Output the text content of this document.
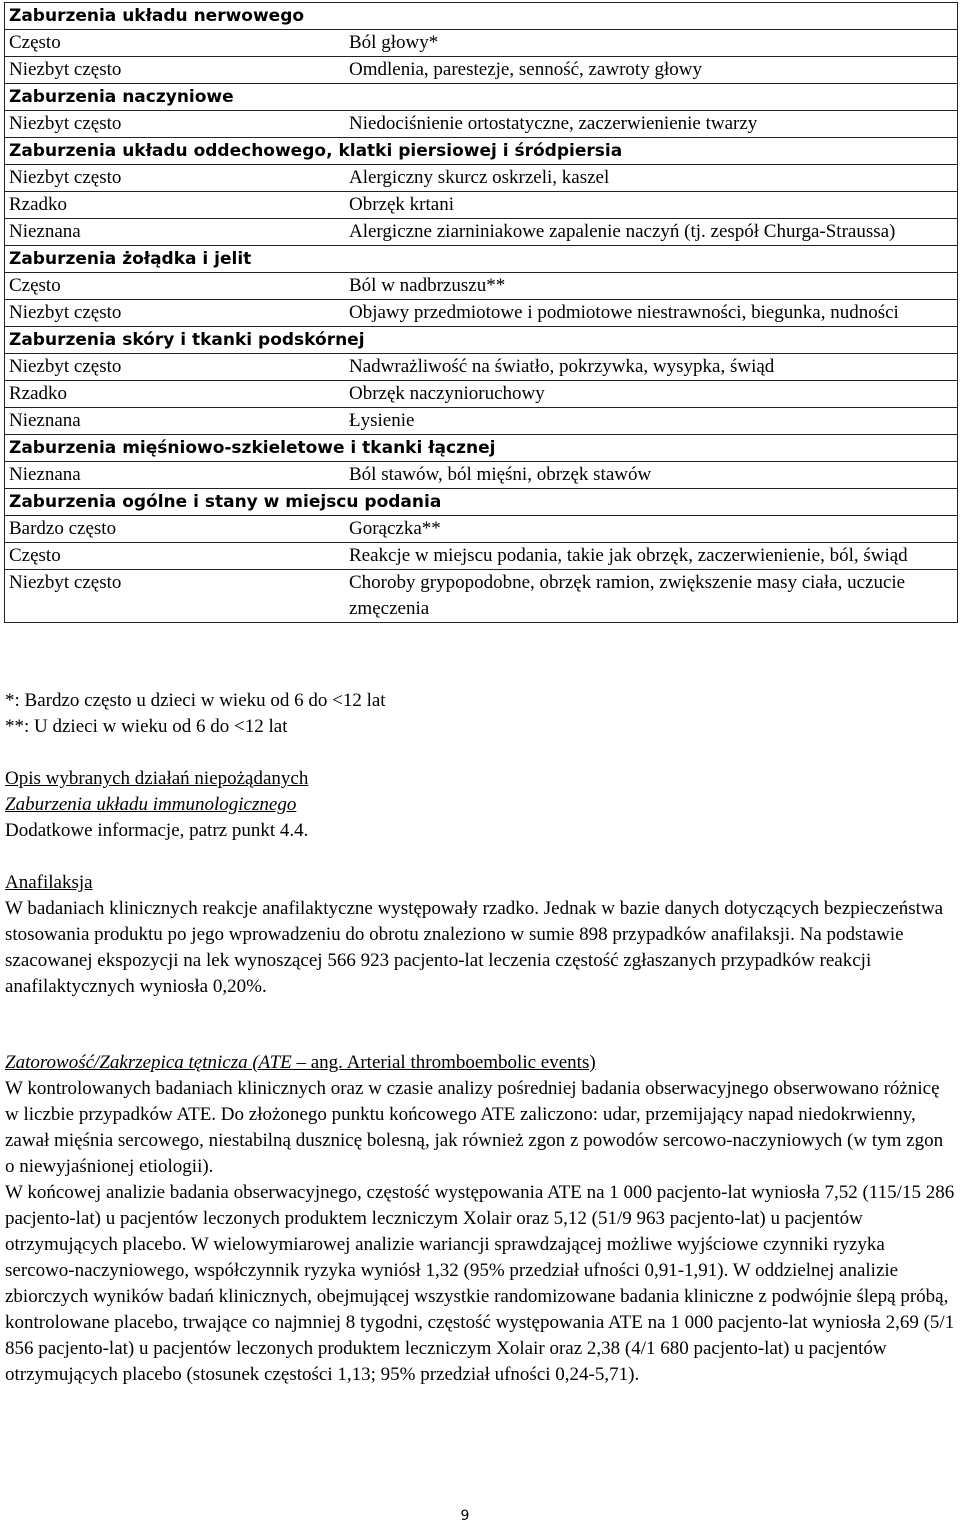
Zaburzenia układu nerwowego	
Często	Ból głowy*
Niezbyt często	Omdlenia, parestezje, senność, zawroty głowy
Zaburzenia naczyniowe	
Niezbyt często	Niedociśnienie ortostatyczne, zaczerwienienie twarzy
Zaburzenia układu oddechowego, klatki piersiowej i śródpiersia	
Niezbyt często	Alergiczny skurcz oskrzeli, kaszel
Rzadko	Obrzęk krtani
Nieznana	Alergiczne ziarniniakowe zapalenie naczyń (tj. zespół Churga-Straussa)
Zaburzenia żołądka i jelit	
Często	Ból w nadbrzuszu**
Niezbyt często	Objawy przedmiotowe i podmiotowe niestrawności, biegunka, nudności
Zaburzenia skóry i tkanki podskórnej	
Niezbyt często	Nadwrażliwość na światło, pokrzywka, wysypka, świąd
Rzadko	Obrzęk naczynioruchowy
Nieznana	Łysienie
Zaburzenia mięśniowo-szkieletowe i tkanki łącznej	
Nieznana	Ból stawów, ból mięśni, obrzęk stawów
Zaburzenia ogólne i stany w miejscu podania	
Bardzo często	Gorączka**
Często	Reakcje w miejscu podania, takie jak obrzęk, zaczerwienienie, ból, świąd
Niezbyt często	Choroby grypopodobne, obrzęk ramion, zwiększenie masy ciała, uczucie zmęczenia

*: Bardzo często u dzieci w wieku od 6 do <12 lat

**: U dzieci w wieku od 6 do <12 lat

Opis wybranych działań niepożądanych

Zaburzenia układu immunologicznego

Dodatkowe informacje, patrz punkt 4.4.

Anafilaksja

W badaniach klinicznych reakcje anafilaktyczne występowały rzadko. Jednak w bazie danych dotyczących bezpieczeństwa stosowania produktu po jego wprowadzeniu do obrotu znaleziono w sumie 898 przypadków anafilaksji. Na podstawie szacowanej ekspozycji na lek wynoszącej 566 923 pacjento-lat leczenia częstość zgłaszanych przypadków reakcji anafilaktycznych wyniosła 0,20%.

Zatorowość/Zakrzepica tętnicza (ATE – ang. Arterial thromboembolic events)

W kontrolowanych badaniach klinicznych oraz w czasie analizy pośredniej badania obserwacyjnego obserwowano różnicę w liczbie przypadków ATE. Do złożonego punktu końcowego ATE zaliczono: udar, przemijający napad niedokrwienny, zawał mięśnia sercowego, niestabilną dusznicę bolesną, jak również zgon z powodów sercowo-naczyniowych (w tym zgon o niewyjaśnionej etiologii).

W końcowej analizie badania obserwacyjnego, częstość występowania ATE na 1 000 pacjento-lat wyniosła 7,52 (115/15 286 pacjento-lat) u pacjentów leczonych produktem leczniczym Xolair oraz 5,12 (51/9 963 pacjento-lat) u pacjentów otrzymujących placebo. W wielowymiarowej analizie wariancji sprawdzającej możliwe wyjściowe czynniki ryzyka sercowo-naczyniowego, współczynnik ryzyka wyniósł 1,32 (95% przedział ufności 0,91-1,91). W oddzielnej analizie zbiorczych wyników badań klinicznych, obejmującej wszystkie randomizowane badania kliniczne z podwójnie ślepą próbą, kontrolowane placebo, trwające co najmniej 8 tygodni, częstość występowania ATE na 1 000 pacjento-lat wyniosła 2,69 (5/1 856 pacjento-lat) u pacjentów leczonych produktem leczniczym Xolair oraz 2,38 (4/1 680 pacjento-lat) u pacjentów otrzymujących placebo (stosunek częstości 1,13; 95% przedział ufności 0,24-5,71).

9
